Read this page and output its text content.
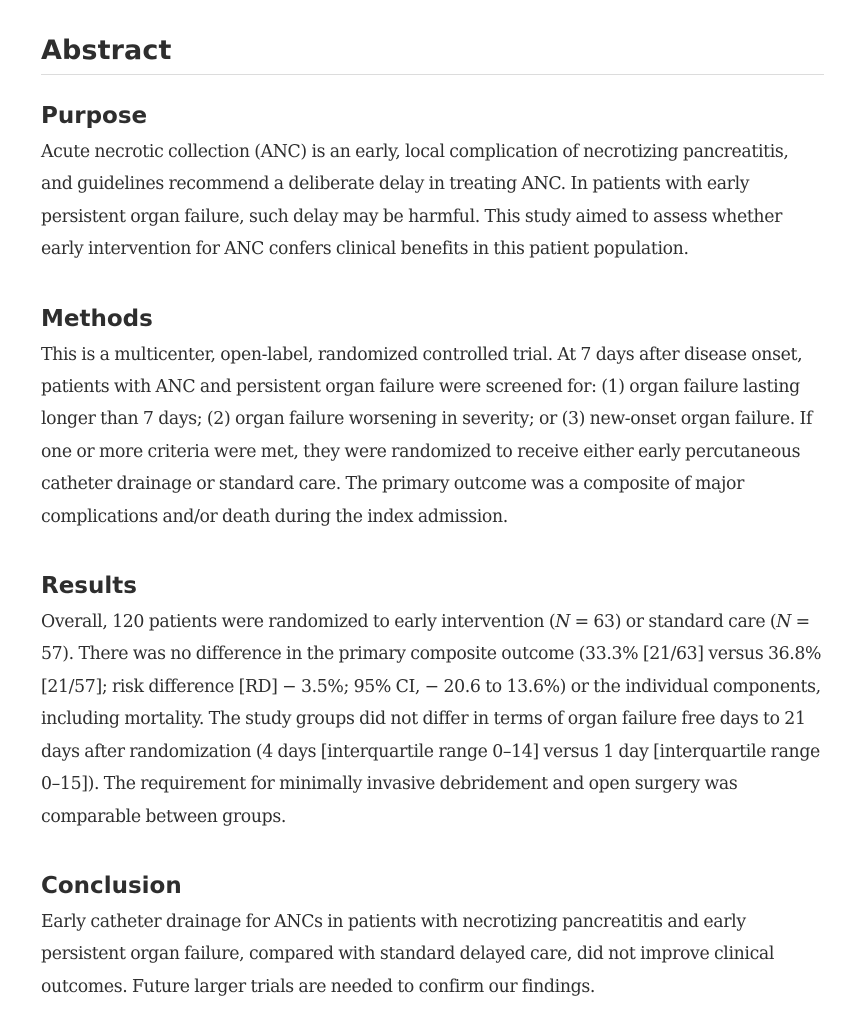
Abstract
Purpose

Acute necrotic collection (ANC) is an early, local complication of necrotizing pancreatitis, and guidelines recommend a deliberate delay in treating ANC. In patients with early persistent organ failure, such delay may be harmful. This study aimed to assess whether early intervention for ANC confers clinical benefits in this patient population.

Methods

This is a multicenter, open-label, randomized controlled trial. At 7 days after disease onset, patients with ANC and persistent organ failure were screened for: (1) organ failure lasting longer than 7 days; (2) organ failure worsening in severity; or (3) new-onset organ failure. If one or more criteria were met, they were randomized to receive either early percutaneous catheter drainage or standard care. The primary outcome was a composite of major complications and/or death during the index admission.

Results

Overall, 120 patients were randomized to early intervention (N = 63) or standard care (N = 57). There was no difference in the primary composite outcome (33.3% [21/63] versus 36.8% [21/57]; risk difference [RD] − 3.5%; 95% CI, − 20.6 to 13.6%) or the individual components, including mortality. The study groups did not differ in terms of organ failure free days to 21 days after randomization (4 days [interquartile range 0–14] versus 1 day [interquartile range 0–15]). The requirement for minimally invasive debridement and open surgery was comparable between groups.

Conclusion

Early catheter drainage for ANCs in patients with necrotizing pancreatitis and early persistent organ failure, compared with standard delayed care, did not improve clinical outcomes. Future larger trials are needed to confirm our findings.
